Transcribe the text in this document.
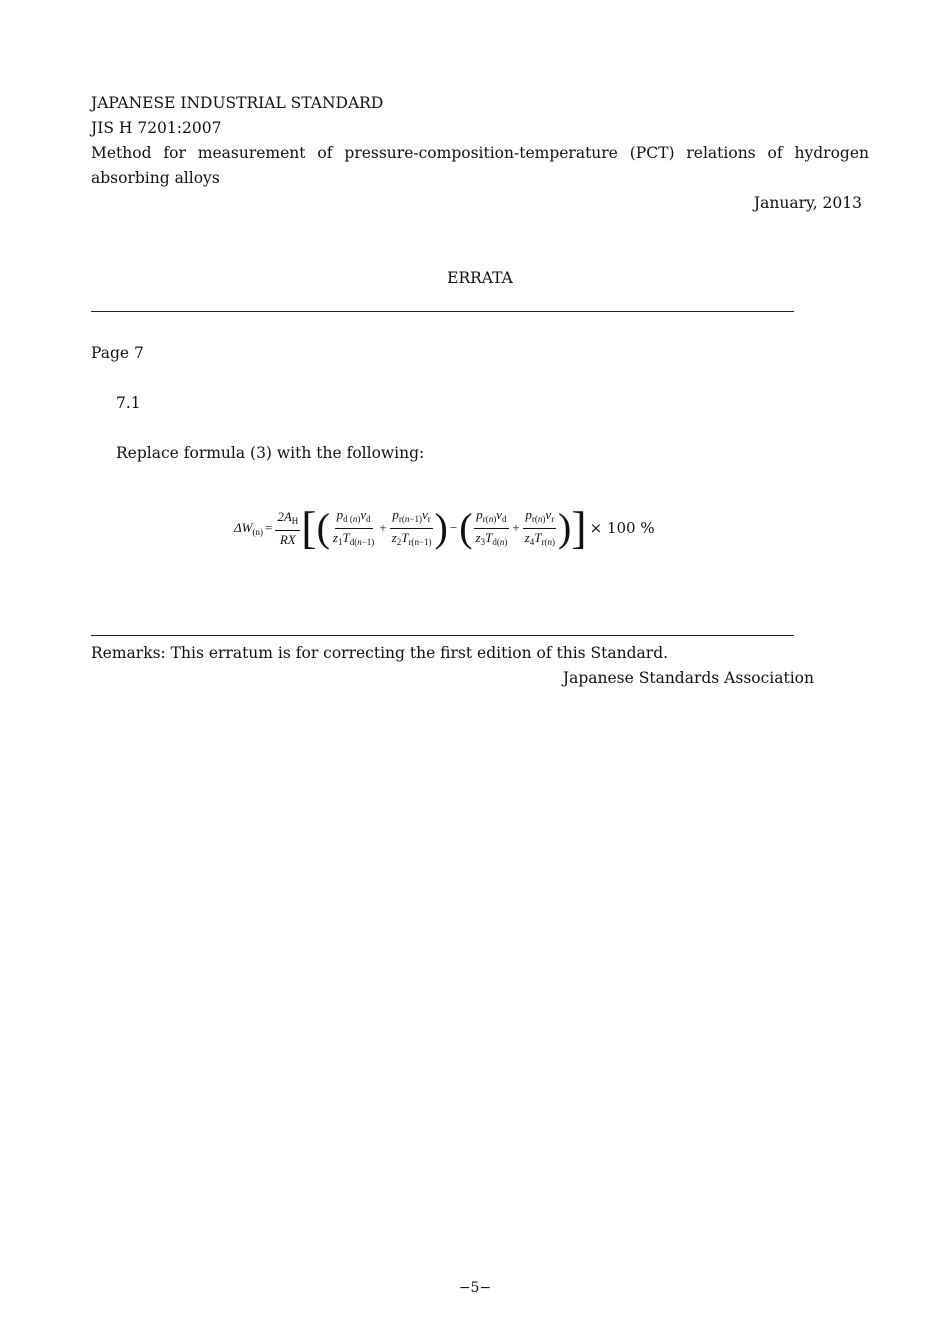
JAPANESE INDUSTRIAL STANDARD
JIS H 7201:2007
Method for measurement of pressure-composition-temperature (PCT) relations of hydrogen absorbing alloys
January, 2013
ERRATA
Page 7
7.1
Replace formula (3) with the following:
$\Delta W_{(n)} = \frac{2A_H}{RX}$ [ ( $\frac{p_{d (n)}v_d}{z_1T_{d(n-1)}} + \frac{p_{r(n-1)}v_r}{z_2T_{r(n-1)}}$ ) − ( $\frac{p_{r(n)}v_d}{z_3T_{d(n)}} + \frac{p_{r(n)}v_r}{z_4T_{r(n)}}$ ) ] × 100 %
Remarks: This erratum is for correcting the first edition of this Standard.
Japanese Standards Association
−5−
